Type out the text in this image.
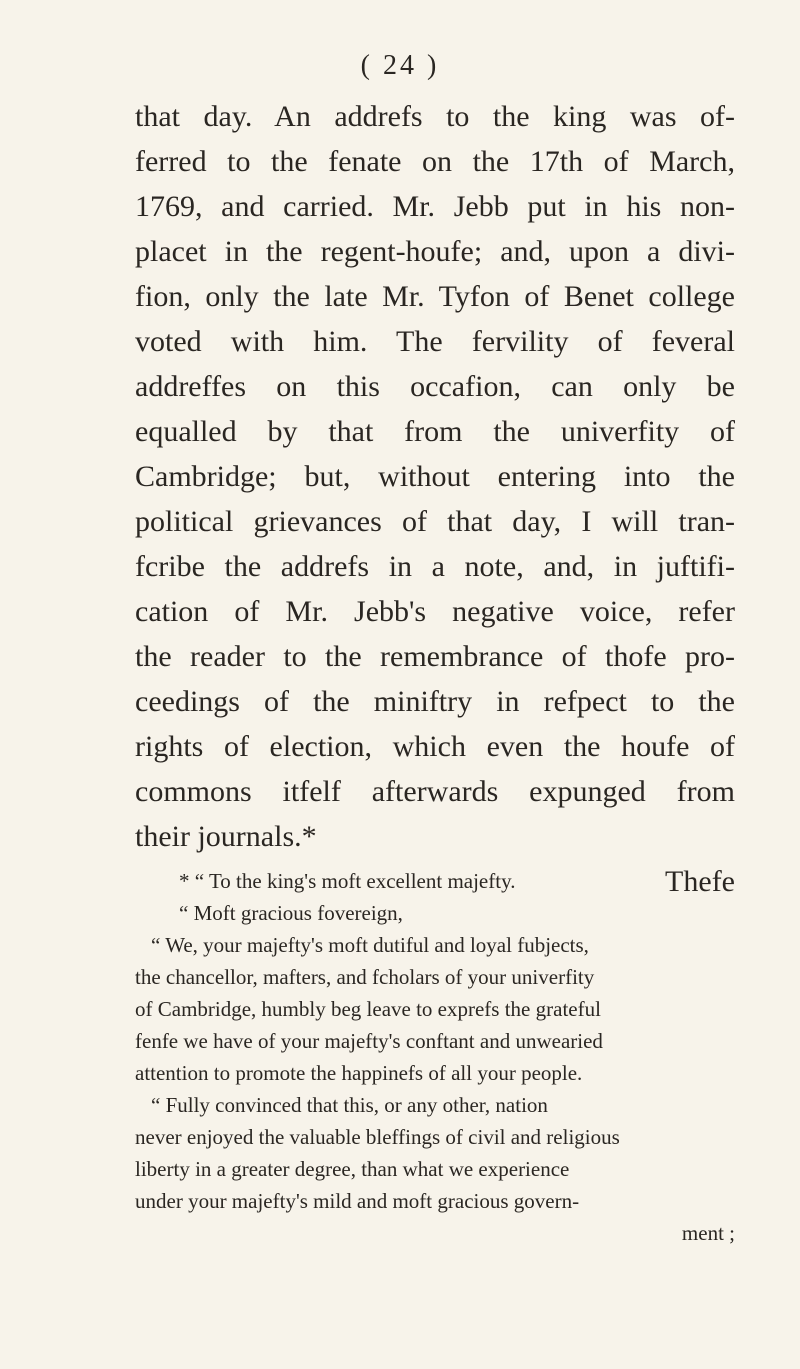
( 24 )
that day. An addrefs to the king was of-
ferred to the fenate on the 17th of March,
1769, and carried. Mr. Jebb put in his non-
placet in the regent-houfe; and, upon a divi-
fion, only the late Mr. Tyfon of Benet college
voted with him. The fervility of feveral
addreffes on this occafion, can only be
equalled by that from the univerfity of
Cambridge; but, without entering into the
political grievances of that day, I will tran-
fcribe the addrefs in a note, and, in juftifi-
cation of Mr. Jebb's negative voice, refer
the reader to the remembrance of thofe pro-
ceedings of the miniftry in refpect to the
rights of election, which even the houfe of
commons itfelf afterwards expunged from
their journals.*
Thefe
* “ To the king's moft excellent majefty.
“ Moft gracious fovereign,
“ We, your majefty's moft dutiful and loyal fubjects,
the chancellor, mafters, and fcholars of your univerfity
of Cambridge, humbly beg leave to exprefs the grateful
fenfe we have of your majefty's conftant and unwearied
attention to promote the happinefs of all your people.
“ Fully convinced that this, or any other, nation
never enjoyed the valuable bleffings of civil and religious
liberty in a greater degree, than what we experience
under your majefty's mild and moft gracious govern-
ment ;
